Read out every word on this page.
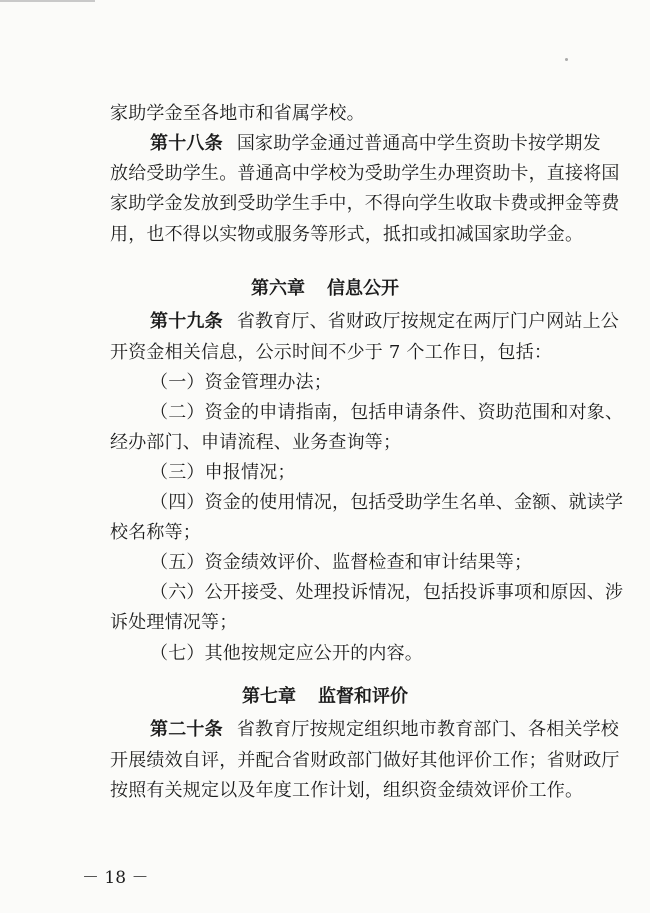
家助学金至各地市和省属学校。
第十八条 国家助学金通过普通高中学生资助卡按学期发
放给受助学生。普通高中学校为受助学生办理资助卡，直接将国
家助学金发放到受助学生手中，不得向学生收取卡费或押金等费
用，也不得以实物或服务等形式，抵扣或扣减国家助学金。
第六章 信息公开
第十九条 省教育厅、省财政厅按规定在两厅门户网站上公
开资金相关信息，公示时间不少于 7 个工作日，包括：
（一）资金管理办法；
（二）资金的申请指南，包括申请条件、资助范围和对象、
经办部门、申请流程、业务查询等；
（三）申报情况；
（四）资金的使用情况，包括受助学生名单、金额、就读学
校名称等；
（五）资金绩效评价、监督检查和审计结果等；
（六）公开接受、处理投诉情况，包括投诉事项和原因、涉
诉处理情况等；
（七）其他按规定应公开的内容。
第七章 监督和评价
第二十条 省教育厅按规定组织地市教育部门、各相关学校
开展绩效自评，并配合省财政部门做好其他评价工作；省财政厅
按照有关规定以及年度工作计划，组织资金绩效评价工作。
－ 18 －
